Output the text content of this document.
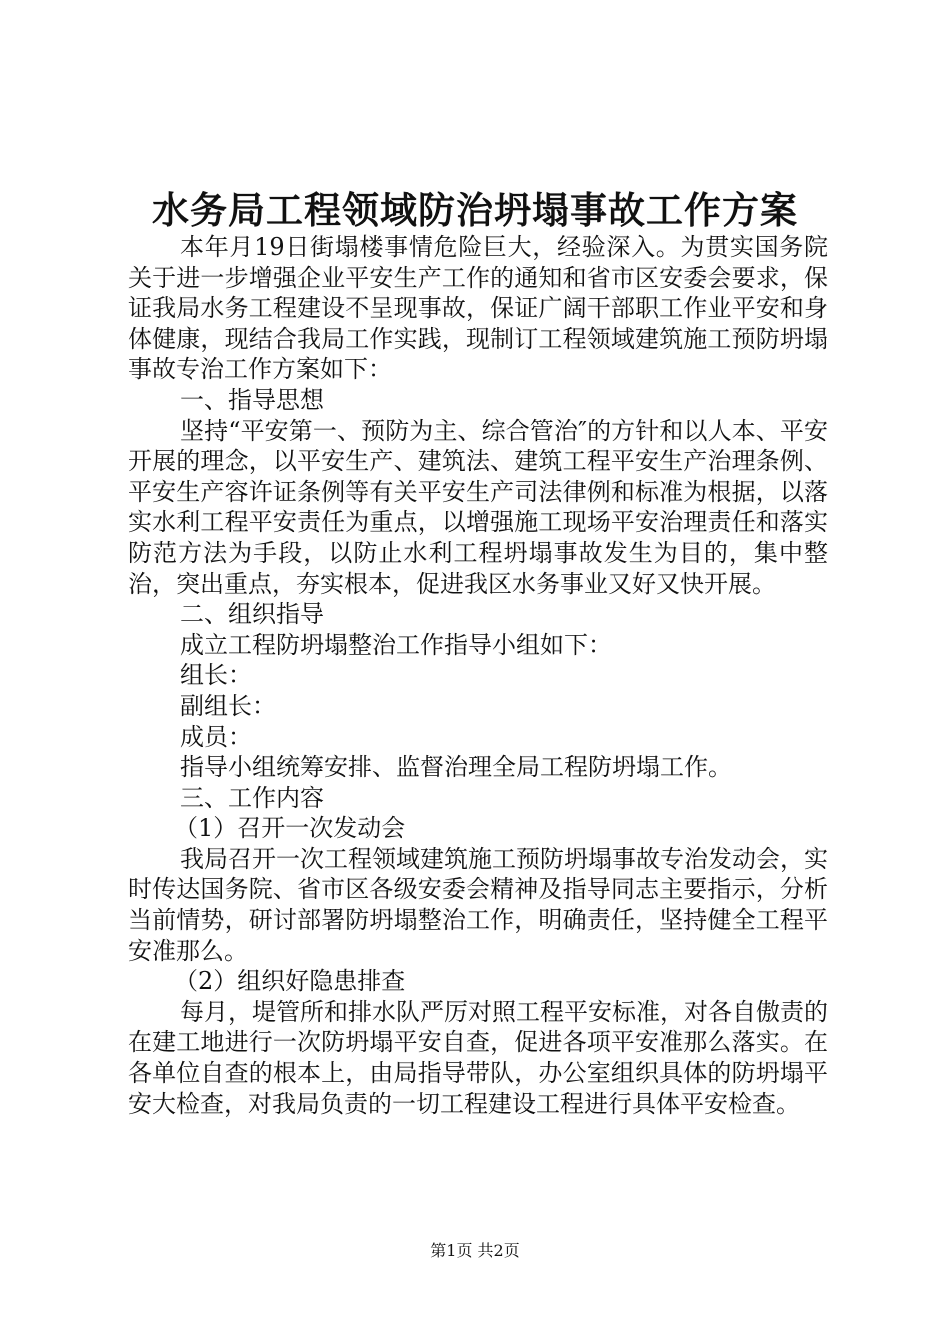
水务局工程领域防治坍塌事故工作方案

本年月19日街塌楼事情危险巨大，经验深入。为贯实国务院关于进一步增强企业平安生产工作的通知和省市区安委会要求，保证我局水务工程建设不呈现事故，保证广阔干部职工作业平安和身体健康，现结合我局工作实践，现制订工程领域建筑施工预防坍塌事故专治工作方案如下：

一、指导思想

坚持“平安第一、预防为主、综合管治″的方针和以人本、平安开展的理念，以平安生产、建筑法、建筑工程平安生产治理条例、平安生产容许证条例等有关平安生产司法律例和标准为根据，以落实水利工程平安责任为重点，以增强施工现场平安治理责任和落实防范方法为手段，以防止水利工程坍塌事故发生为目的，集中整治，突出重点，夯实根本，促进我区水务事业又好又快开展。

二、组织指导

成立工程防坍塌整治工作指导小组如下：

组长：

副组长：

成员：

指导小组统筹安排、监督治理全局工程防坍塌工作。

三、工作内容

（1）召开一次发动会

我局召开一次工程领域建筑施工预防坍塌事故专治发动会，实时传达国务院、省市区各级安委会精神及指导同志主要指示，分析当前情势，研讨部署防坍塌整治工作，明确责任，坚持健全工程平安准那么。

（2）组织好隐患排查

每月，堤管所和排水队严厉对照工程平安标准，对各自傲责的在建工地进行一次防坍塌平安自查，促进各项平安准那么落实。在各单位自查的根本上，由局指导带队，办公室组织具体的防坍塌平安大检查，对我局负责的一切工程建设工程进行具体平安检查。

第1页 共2页
